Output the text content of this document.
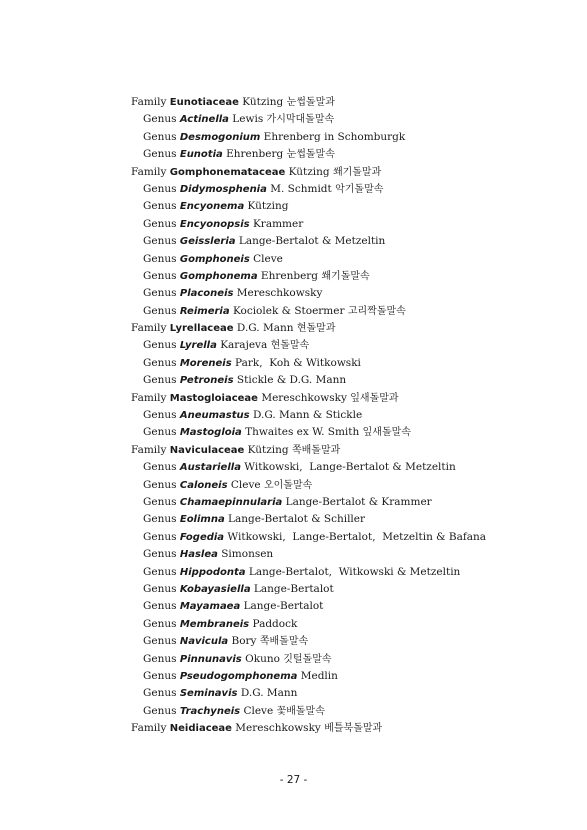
Family Eunotiaceae Kützing 눈썹돌말과
Genus Actinella Lewis 가시막대돌말속
Genus Desmogonium Ehrenberg in Schomburgk
Genus Eunotia Ehrenberg 눈썹돌말속
Family Gomphonemataceae Kützing 쐐기돌말과
Genus Didymosphenia M. Schmidt 악기돌말속
Genus Encyonema Kützing
Genus Encyonopsis Krammer
Genus Geissleria Lange-Bertalot & Metzeltin
Genus Gomphoneis Cleve
Genus Gomphonema Ehrenberg 쐐기돌말속
Genus Placoneis Mereschkowsky
Genus Reimeria Kociolek & Stoermer 고리짝돌말속
Family Lyrellaceae D.G. Mann 현돌말과
Genus Lyrella Karajeva 현돌말속
Genus Moreneis Park,  Koh & Witkowski
Genus Petroneis Stickle & D.G. Mann
Family Mastogloiaceae Mereschkowsky 잎새돌말과
Genus Aneumastus D.G. Mann & Stickle
Genus Mastogloia Thwaites ex W. Smith 잎새돌말속
Family Naviculaceae Kützing 쪽배돌말과
Genus Austariella Witkowski,  Lange-Bertalot & Metzeltin
Genus Caloneis Cleve 오이돌말속
Genus Chamaepinnularia Lange-Bertalot & Krammer
Genus Eolimna Lange-Bertalot & Schiller
Genus Fogedia Witkowski,  Lange-Bertalot,  Metzeltin & Bafana
Genus Haslea Simonsen
Genus Hippodonta Lange-Bertalot,  Witkowski & Metzeltin
Genus Kobayasiella Lange-Bertalot
Genus Mayamaea Lange-Bertalot
Genus Membraneis Paddock
Genus Navicula Bory 쪽배돌말속
Genus Pinnunavis Okuno 깃털돌말속
Genus Pseudogomphonema Medlin
Genus Seminavis D.G. Mann
Genus Trachyneis Cleve 꽃배돌말속
Family Neidiaceae Mereschkowsky 베틀북돌말과
- 27 -
